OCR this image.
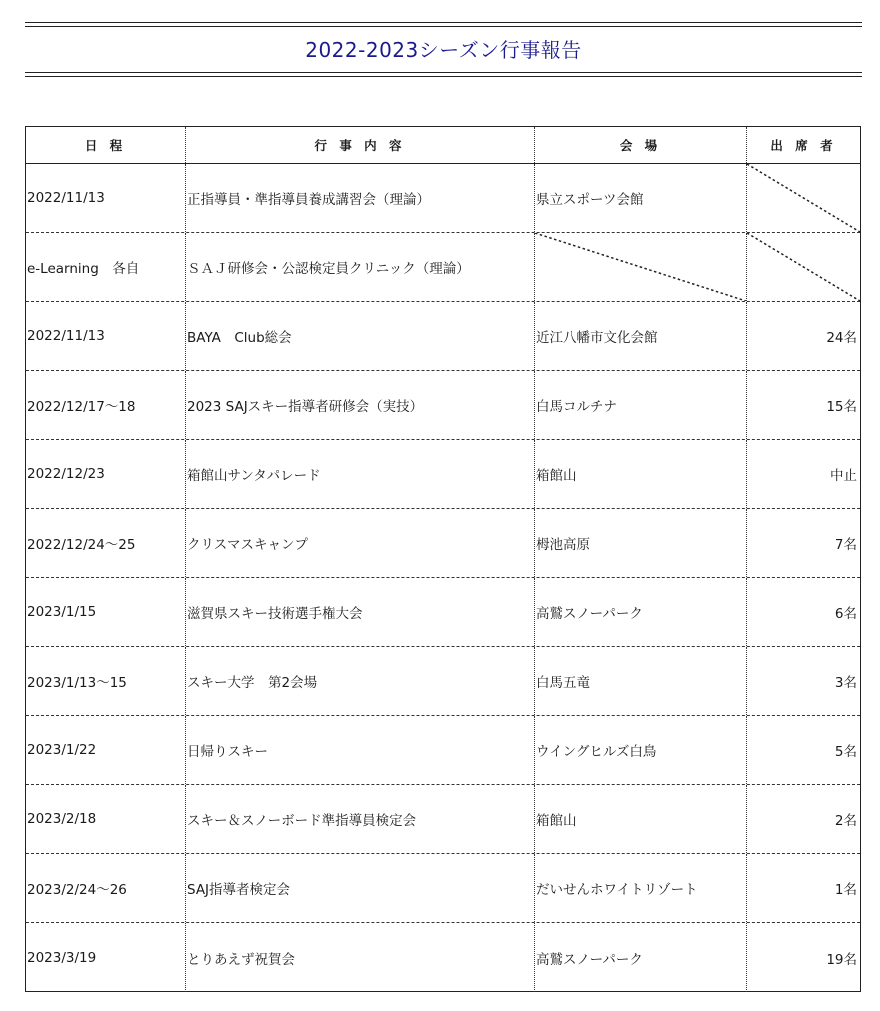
2022-2023シーズン行事報告
日 程	行 事 内 容	会 場	出 席 者
2022/11/13	正指導員・準指導員養成講習会（理論）	県立スポーツ会館
e-Learning　各自	ＳＡＪ研修会・公認検定員クリニック（理論）
2022/11/13	BAYA　Club総会	近江八幡市文化会館	24名
2022/12/17～18	2023 SAJスキー指導者研修会（実技）	白馬コルチナ	15名
2022/12/23	箱館山サンタパレード	箱館山	中止
2022/12/24～25	クリスマスキャンプ	栂池高原	7名
2023/1/15	滋賀県スキー技術選手権大会	高鷲スノーパーク	6名
2023/1/13～15	スキー大学　第2会場	白馬五竜	3名
2023/1/22	日帰りスキー	ウイングヒルズ白鳥	5名
2023/2/18	スキー＆スノーボード準指導員検定会	箱館山	2名
2023/2/24～26	SAJ指導者検定会	だいせんホワイトリゾート	1名
2023/3/19	とりあえず祝賀会	高鷲スノーパーク	19名
